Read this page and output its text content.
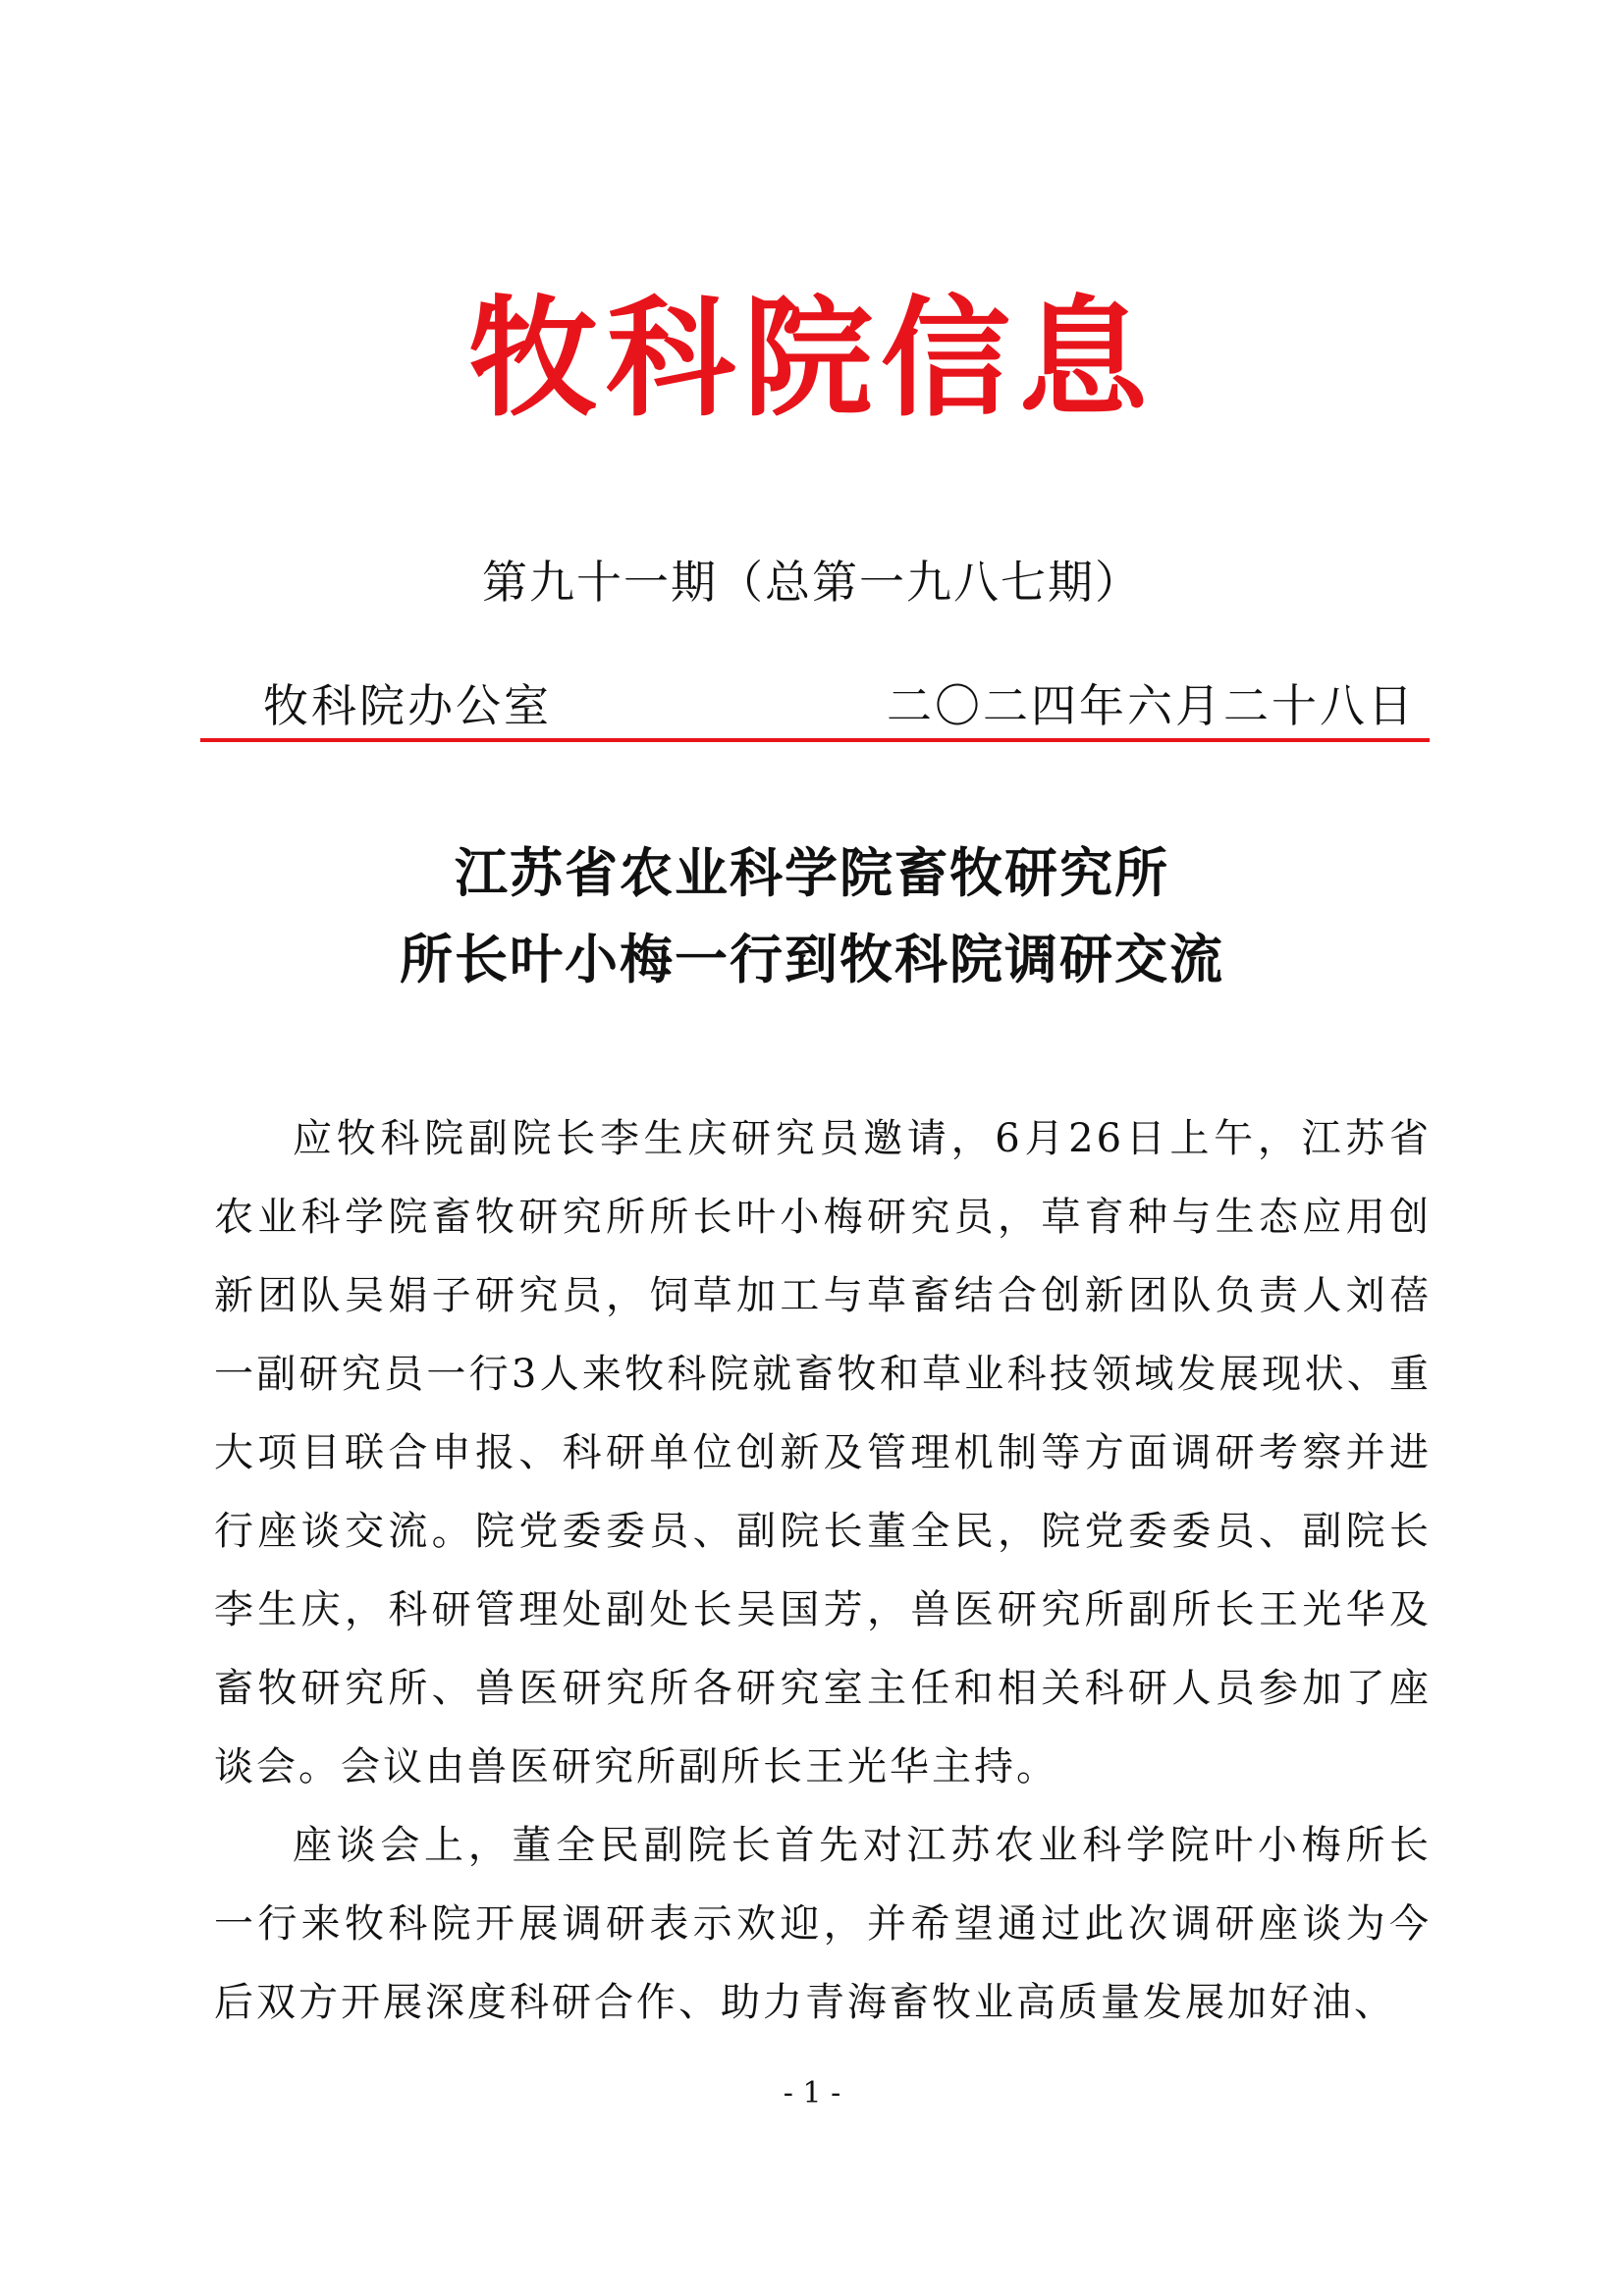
牧科院信息
第九十一期（总第一九八七期）
牧科院办公室	二〇二四年六月二十八日
江苏省农业科学院畜牧研究所
所长叶小梅一行到牧科院调研交流

应牧科院副院长李生庆研究员邀请，6月26日上午，江苏省农业科学院畜牧研究所所长叶小梅研究员，草育种与生态应用创新团队吴娟子研究员，饲草加工与草畜结合创新团队负责人刘蓓一副研究员一行3人来牧科院就畜牧和草业科技领域发展现状、重大项目联合申报、科研单位创新及管理机制等方面调研考察并进行座谈交流。院党委委员、副院长董全民，院党委委员、副院长李生庆，科研管理处副处长吴国芳，兽医研究所副所长王光华及畜牧研究所、兽医研究所各研究室主任和相关科研人员参加了座谈会。会议由兽医研究所副所长王光华主持。

座谈会上，董全民副院长首先对江苏农业科学院叶小梅所长一行来牧科院开展调研表示欢迎，并希望通过此次调研座谈为今后双方开展深度科研合作、助力青海畜牧业高质量发展加好油、

- 1 -
